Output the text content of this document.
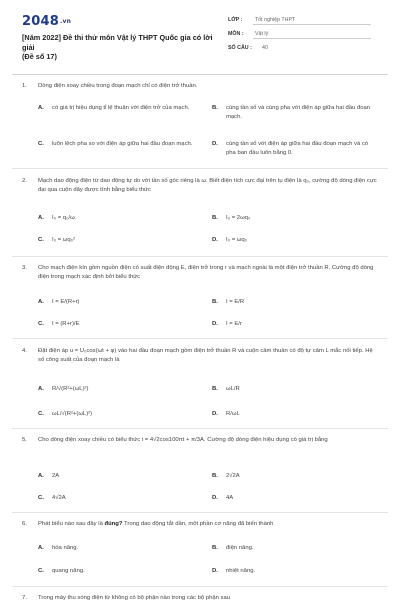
2048.vn
[Năm 2022] Đề thi thử môn Vật lý THPT Quốc gia có lời giải
(Đề số 17)
LỚP : Tốt nghiệp THPT
MÔN : Vật lý
SỐ CÂU : 40
1. Dòng điện xoay chiều trong đoạn mạch chỉ có điện trở thuần.
A. có giá trị hiệu dụng tỉ lệ thuận với điện trở của mạch.	B. cùng tần số và cùng pha với điện áp giữa hai đầu đoạn mạch.
C. luôn lệch pha so với điện áp giữa hai đầu đoạn mạch.	D. cùng tần số với điện áp giữa hai đầu đoạn mạch và có pha ban đầu luôn bằng 0.
2. Mạch dao động điện từ dao động tự do với tần số góc riêng là ω. Biết điện tích cực đại trên tụ điện là q₀, cường độ dòng điện cực đại qua cuộn dây được tính bằng biểu thức
A. I₀ = q₀/ω	B. I₀ = 2ωq₀
C. I₀ = ωq₀²	D. I₀ = ωq₀
3. Cho mạch điện kín gồm nguồn điện có suất điện động E, điện trở trong r và mạch ngoài là một điện trở thuần R. Cường độ dòng điện trong mạch xác định bởi biểu thức
A. I = E/(R+r)	B. I = E/R
C. I = (R+r)/E	D. I = E/r
4. Đặt điện áp u = U₀cos(ωt + φ) vào hai đầu đoạn mạch gồm điện trở thuần R và cuộn cảm thuần có độ tự cảm L mắc nối tiếp. Hệ số công suất của đoạn mạch là
A. R/√(R²+(ωL)²)	B. ωL/R
C. ωL/√(R²+(ωL)²)	D. R/ωL
5. Cho dòng điện xoay chiều có biểu thức i = 4√2cos100πt + π/3A. Cường độ dòng điện hiệu dụng có giá trị bằng
A. 2A	B. 2√2A
C. 4√2A	D. 4A
6. Phát biểu nào sau đây là đúng? Trong dao động tắt dần, một phần cơ năng đã biến thành
A. hóa năng.	B. điện năng.
C. quang năng.	D. nhiệt năng.
7. Trong máy thu sóng điện từ không có bộ phận nào trong các bộ phận sau
